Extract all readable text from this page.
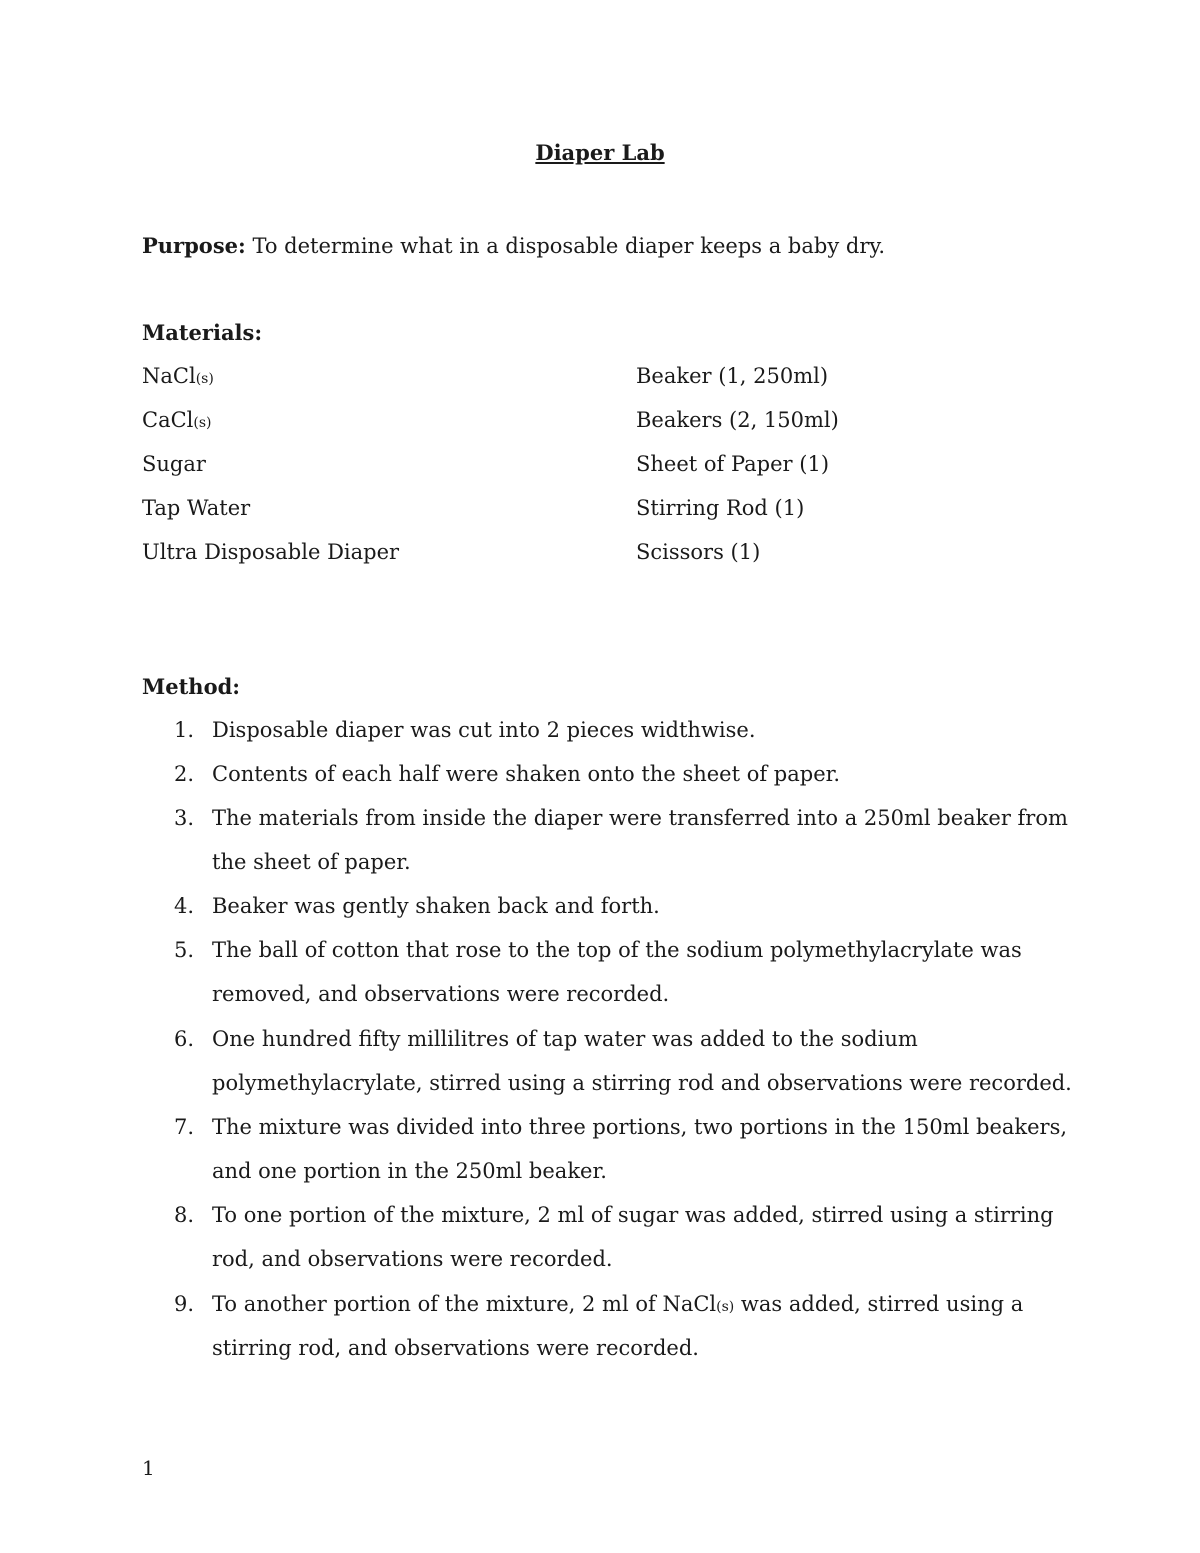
Diaper Lab
Purpose: To determine what in a disposable diaper keeps a baby dry.
Materials:
NaCl(s)	Beaker (1, 250ml)
CaCl(s)	Beakers (2, 150ml)
Sugar	Sheet of Paper (1)
Tap Water	Stirring Rod (1)
Ultra Disposable Diaper	Scissors (1)
Method:
1. Disposable diaper was cut into 2 pieces widthwise.
2. Contents of each half were shaken onto the sheet of paper.
3. The materials from inside the diaper were transferred into a 250ml beaker from
the sheet of paper.
4. Beaker was gently shaken back and forth.
5. The ball of cotton that rose to the top of the sodium polymethylacrylate was
removed, and observations were recorded.
6. One hundred fifty millilitres of tap water was added to the sodium
polymethylacrylate, stirred using a stirring rod and observations were recorded.
7. The mixture was divided into three portions, two portions in the 150ml beakers,
and one portion in the 250ml beaker.
8. To one portion of the mixture, 2 ml of sugar was added, stirred using a stirring
rod, and observations were recorded.
9. To another portion of the mixture, 2 ml of NaCl(s) was added, stirred using a
stirring rod, and observations were recorded.
1
